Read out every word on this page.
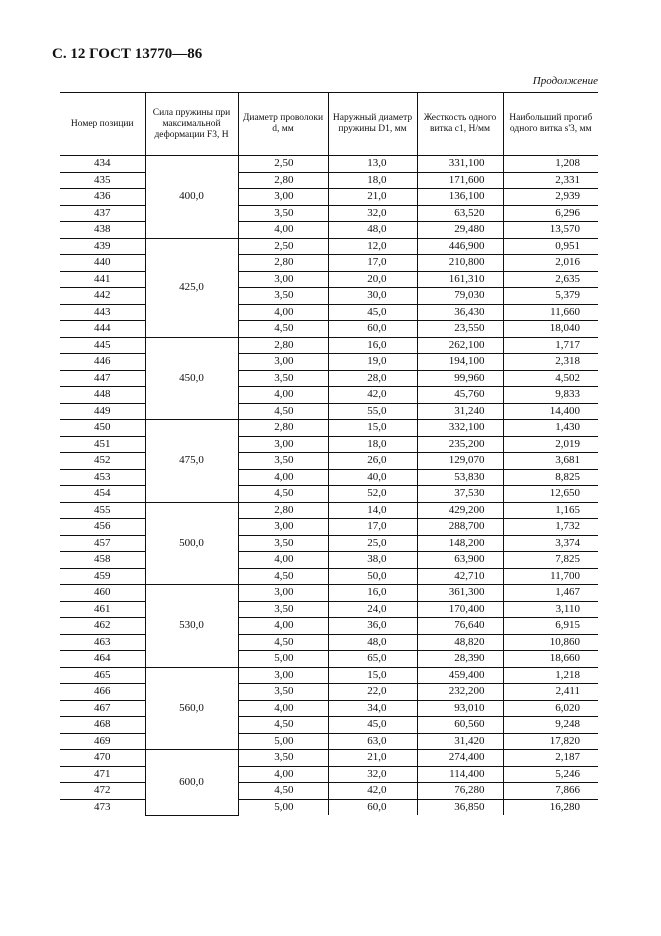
С. 12 ГОСТ 13770—86
Продолжение
Номер позиции	Сила пружины при максимальной деформации F3, Н	Диаметр проволоки d, мм	Наружный диаметр пружины D1, мм	Жесткость одного витка c1, Н/мм	Наибольший прогиб одного витка s'3, мм
434	400,0	2,50	13,0	331,100	1,208
435		2,80	18,0	171,600	2,331
436		3,00	21,0	136,100	2,939
437		3,50	32,0	63,520	6,296
438		4,00	48,0	29,480	13,570
439	425,0	2,50	12,0	446,900	0,951
440		2,80	17,0	210,800	2,016
441		3,00	20,0	161,310	2,635
442		3,50	30,0	79,030	5,379
443		4,00	45,0	36,430	11,660
444		4,50	60,0	23,550	18,040
445	450,0	2,80	16,0	262,100	1,717
446		3,00	19,0	194,100	2,318
447		3,50	28,0	99,960	4,502
448		4,00	42,0	45,760	9,833
449		4,50	55,0	31,240	14,400
450	475,0	2,80	15,0	332,100	1,430
451		3,00	18,0	235,200	2,019
452		3,50	26,0	129,070	3,681
453		4,00	40,0	53,830	8,825
454		4,50	52,0	37,530	12,650
455	500,0	2,80	14,0	429,200	1,165
456		3,00	17,0	288,700	1,732
457		3,50	25,0	148,200	3,374
458		4,00	38,0	63,900	7,825
459		4,50	50,0	42,710	11,700
460	530,0	3,00	16,0	361,300	1,467
461		3,50	24,0	170,400	3,110
462		4,00	36,0	76,640	6,915
463		4,50	48,0	48,820	10,860
464		5,00	65,0	28,390	18,660
465	560,0	3,00	15,0	459,400	1,218
466		3,50	22,0	232,200	2,411
467		4,00	34,0	93,010	6,020
468		4,50	45,0	60,560	9,248
469		5,00	63,0	31,420	17,820
470	600,0	3,50	21,0	274,400	2,187
471		4,00	32,0	114,400	5,246
472		4,50	42,0	76,280	7,866
473		5,00	60,0	36,850	16,280
